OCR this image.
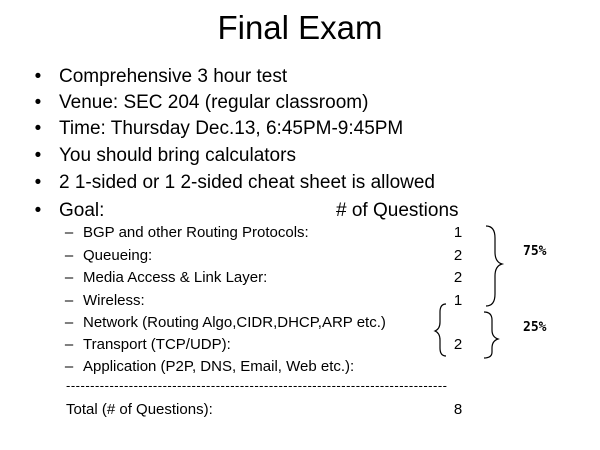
Final Exam
• Comprehensive 3 hour test
• Venue: SEC 204 (regular classroom)
• Time: Thursday Dec.13, 6:45PM-9:45PM
• You should bring calculators
• 2 1-sided or 1 2-sided cheat sheet is allowed
• Goal:	# of Questions
– BGP and other Routing Protocols:	1
– Queueing:	2
– Media Access & Link Layer:	2
– Wireless:	1
– Network (Routing Algo,CIDR,DHCP,ARP etc.)
– Transport (TCP/UDP):	2
– Application (P2P, DNS, Email, Web etc.):
-------------------------------------------------------------------------------
Total (# of Questions):	8
75%
25%
